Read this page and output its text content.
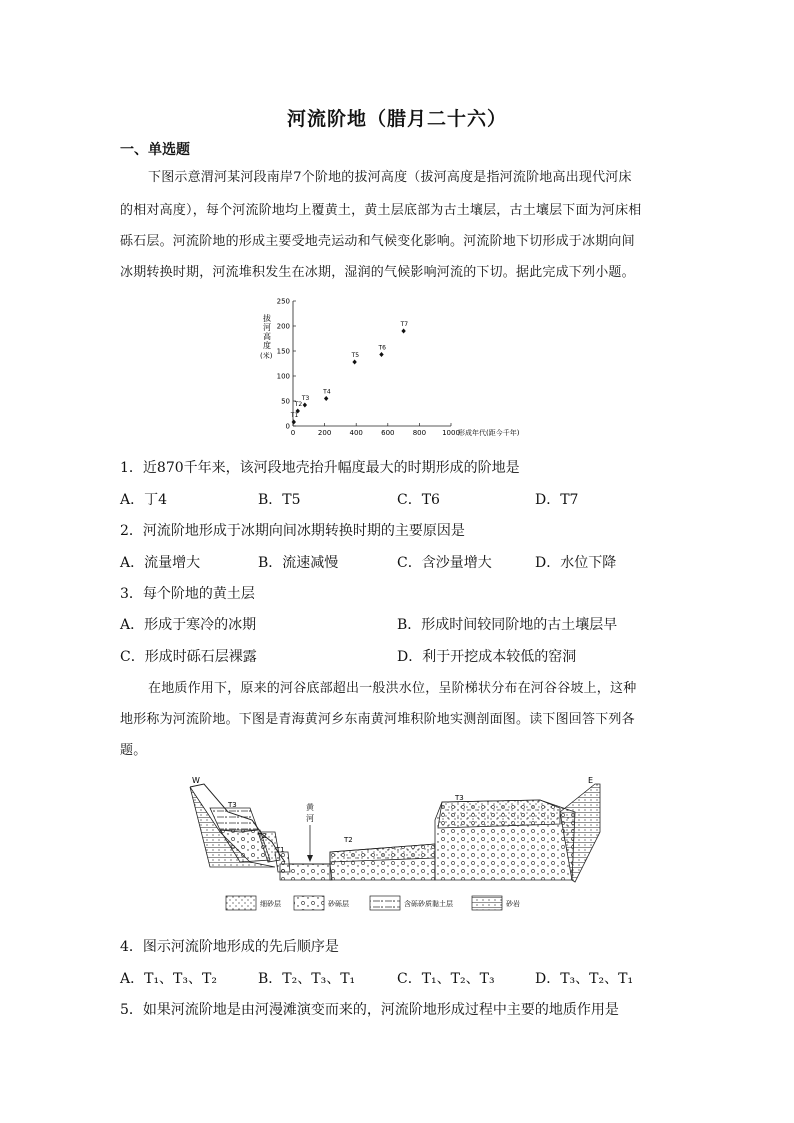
河流阶地（腊月二十六）
一、单选题
下图示意渭河某河段南岸7个阶地的拔河高度（拔河高度是指河流阶地高出现代河床
的相对高度），每个河流阶地均上覆黄土，黄土层底部为古土壤层，古土壤层下面为河床相
砾石层。河流阶地的形成主要受地壳运动和气候变化影响。河流阶地下切形成于冰期向间
冰期转换时期，河流堆积发生在冰期，湿润的气候影响河流的下切。据此完成下列小题。
0	200	400	600	800 1000
0
50
100
150
200
250
T1
T2
T3
T4
T5
T6
T7
拔
河
高
度
(米)
形成年代(距今千年)
1．近870千年来，该河段地壳抬升幅度最大的时期形成的阶地是
A．丁4	B．T5	C．T6	D．T7
2．河流阶地形成于冰期向间冰期转换时期的主要原因是
A．流量增大	B．流速减慢	C．含沙量增大	D．水位下降
3．每个阶地的黄土层
A．形成于寒冷的冰期	B．形成时间较同阶地的古土壤层早
C．形成时砾石层裸露	D．利于开挖成本较低的窑洞
在地质作用下，原来的河谷底部超出一般洪水位，呈阶梯状分布在河谷谷坡上，这种
地形称为河流阶地。下图是青海黄河乡东南黄河堆积阶地实测剖面图。读下图回答下列各
题。
W	E
T3
T2
T1
T2
T3
黄
河
细砂层	砂砾层	含砾砂质黏土层	砂岩
4．图示河流阶地形成的先后顺序是
A．T₁、T₃、T₂	B．T₂、T₃、T₁	C．T₁、T₂、T₃	D．T₃、T₂、T₁
5．如果河流阶地是由河漫滩演变而来的，河流阶地形成过程中主要的地质作用是
